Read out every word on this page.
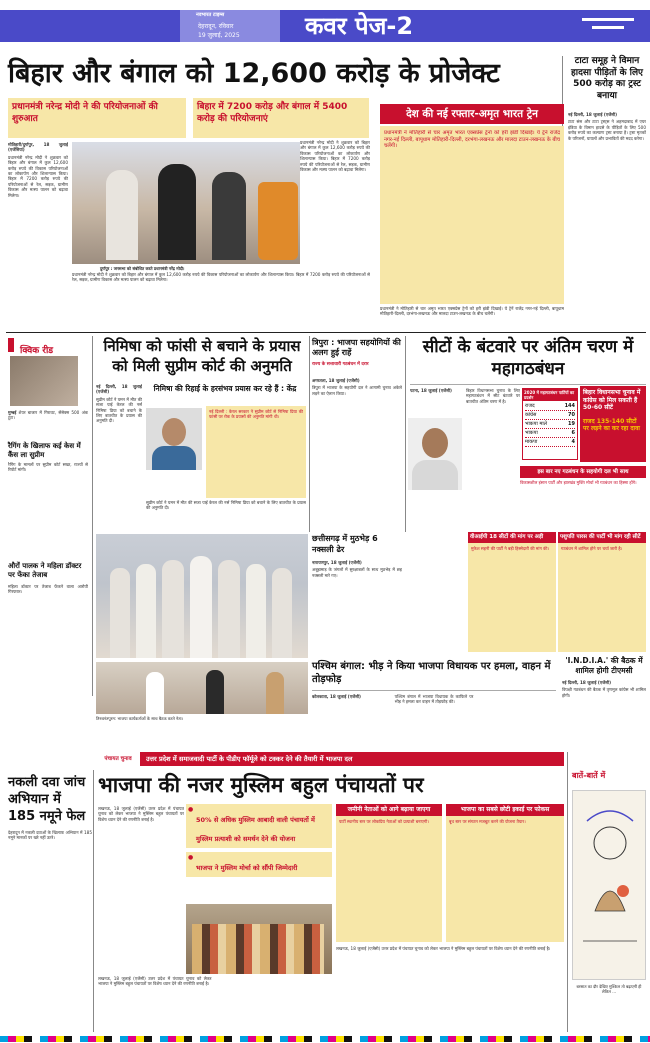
नवभारत टाइम्स
देहरादून, रविवार
19 जुलाई, 2025	कवर पेज-2
बिहार और बंगाल को 12,600 करोड़ के प्रोजेक्ट
प्रधानमंत्री नरेन्द्र मोदी ने की परियोजनाओं की शुरुआत
बिहार में 7200 करोड़ और बंगाल में 5400 करोड़ की परियोजनाएं
दुर्गापुर : जनसभा को संबोधित करते प्रधानमंत्री नरेंद्र मोदी।

मोतिहारी/दुर्गापुर, 18 जुलाई (एजेंसियां)

प्रधानमंत्री नरेन्द्र मोदी ने शुक्रवार को बिहार और बंगाल में कुल 12,600 करोड़ रुपये की विकास परियोजनाओं का लोकार्पण और शिलान्यास किया। बिहार में 7200 करोड़ रुपये की परियोजनाओं से रेल, सड़क, ग्रामीण विकास और मत्स्य पालन को बढ़ावा मिलेगा।

प्रधानमंत्री नरेन्द्र मोदी ने शुक्रवार को बिहार और बंगाल में कुल 12,600 करोड़ रुपये की विकास परियोजनाओं का लोकार्पण और शिलान्यास किया। बिहार में 7200 करोड़ रुपये की परियोजनाओं से रेल, सड़क, ग्रामीण विकास और मत्स्य पालन को बढ़ावा मिलेगा।

प्रधानमंत्री नरेन्द्र मोदी ने शुक्रवार को बिहार और बंगाल में कुल 12,600 करोड़ रुपये की विकास परियोजनाओं का लोकार्पण और शिलान्यास किया। बिहार में 7200 करोड़ रुपये की परियोजनाओं से रेल, सड़क, ग्रामीण विकास और मत्स्य पालन को बढ़ावा मिलेगा।

देश की नई रफ्तार-अमृत भारत ट्रेन
प्रधानमंत्री ने मोतिहारी से चार अमृत भारत एक्सप्रेस ट्रेनों को हरी झंडी दिखाई। ये ट्रेनें राजेंद्र नगर-नई दिल्ली, बापूधाम मोतिहारी-दिल्ली, दरभंगा-लखनऊ और मालदा टाउन-लखनऊ के बीच चलेंगी।
प्रधानमंत्री ने मोतिहारी से चार अमृत भारत एक्सप्रेस ट्रेनों को हरी झंडी दिखाई। ये ट्रेनें राजेंद्र नगर-नई दिल्ली, बापूधाम मोतिहारी-दिल्ली, दरभंगा-लखनऊ और मालदा टाउन-लखनऊ के बीच चलेंगी।
टाटा समूह ने विमान हादसा पीड़ितों के लिए 500 करोड़ का ट्रस्ट बनाया

नई दिल्ली, 18 जुलाई (एजेंसी)

टाटा संस और टाटा ट्रस्ट्स ने अहमदाबाद में एयर इंडिया के विमान हादसे के पीड़ितों के लिए 500 करोड़ रुपये का कल्याण ट्रस्ट बनाया है। ट्रस्ट मृतकों के परिजनों, घायलों और प्रभावितों की मदद करेगा।

क्विक रीड
मुम्बई शेयर बाजार में गिरावट, सेंसेक्स 500 अंक टूटा।
रैगिंग के खिलाफ कई केस में कैंस ला सुप्रीम
रैगिंग के मामलों पर सुप्रीम कोर्ट सख्त, राज्यों से रिपोर्ट मांगी।
औरों पालक ने महिला डॉक्टर पर फेंका तेजाब
महिला डॉक्टर पर तेजाब फेंकने वाला आरोपी गिरफ्तार।
निमिषा को फांसी से बचाने के प्रयास को मिली सुप्रीम कोर्ट की अनुमति

नई दिल्ली, 18 जुलाई (एजेंसी)

सुप्रीम कोर्ट ने यमन में मौत की सजा पाई केरल की नर्स निमिषा प्रिया को बचाने के लिए बातचीत के प्रयास की अनुमति दी।

निमिषा की रिहाई के हरसंभव प्रयास कर रहे हैं : केंद्र
नई दिल्ली : केरल सरकार ने सुप्रीम कोर्ट से निमिषा प्रिया की फांसी पर रोक के प्रयासों की अनुमति मांगी थी।
सुप्रीम कोर्ट ने यमन में मौत की सजा पाई केरल की नर्स निमिषा प्रिया को बचाने के लिए बातचीत के प्रयास की अनुमति दी।
त्रिपुरा : भाजपा सहयोगियों की अलग हुई राहें
राज्य के सत्ताधारी गठबंधन में दरार

अगरतला, 18 जुलाई (एजेंसी)

त्रिपुरा में भाजपा के सहयोगी दल ने आगामी चुनाव अकेले लड़ने का ऐलान किया।

सीटों के बंटवारे पर अंतिम चरण में महागठबंधन

पटना, 18 जुलाई (एजेंसी)	बिहार विधानसभा चुनाव के लिए महागठबंधन में सीट बंटवारे पर बातचीत अंतिम चरण में है।
2020 में महागठबंधन पार्टियों का प्रदर्शन
राजद	144
कांग्रेस	70
भाकपा माले	19
भाकपा	6
माकपा	4
बिहार विधानसभा चुनाव में कांग्रेस को मिल सकती हैं 50-60 सीटें
राजद 135-140 सीटों पर लड़ने का कर रहा दावा
इस बार नए गठबंधन के सहयोगी दल भी साथ
विकासशील इंसान पार्टी और झारखंड मुक्ति मोर्चा भी गठबंधन का हिस्सा होंगे।
वीआईपी 18 सीटों की मांग पर अड़ी
मुकेश सहनी की पार्टी ने बड़ी हिस्सेदारी की मांग की।
पशुपति पारस की पार्टी भी मांग रही सीटें
गठबंधन में शामिल होने पर चर्चा जारी है।
छत्तीसगढ़ में मुठभेड़ 6 नक्सली ढेर

नारायणपुर, 18 जुलाई (एजेंसी)

अबूझमाड़ के जंगलों में सुरक्षाबलों के साथ मुठभेड़ में छह नक्सली मारे गए।

पश्चिम बंगाल: भीड़ ने किया भाजपा विधायक पर हमला, वाहन में तोड़फोड़

कोलकाता, 18 जुलाई (एजेंसी)	पश्चिम बंगाल में भाजपा विधायक के काफिले पर भीड़ ने हमला कर वाहन में तोड़फोड़ की।

'I.N.D.I.A.' की बैठक में शामिल होगी टीएमसी

नई दिल्ली, 18 जुलाई (एजेंसी)

विपक्षी गठबंधन की बैठक में तृणमूल कांग्रेस भी शामिल होगी।

तिरुवनंतपुरम: भाजपा कार्यकर्ताओं के साथ बैठक करते नेता।
पंचायत चुनाव	उत्तर प्रदेश में समाजवादी पार्टी के पीडीए फॉर्मूले को टक्कर देने की तैयारी में भाजपा दल
नकली दवा जांच अभियान में 185 नमूने फेल
देहरादून में नकली दवाओं के खिलाफ अभियान में 185 नमूने मानकों पर खरे नहीं उतरे।
भाजपा की नजर मुस्लिम बहुल पंचायतों पर
●
50% से अधिक मुस्लिम आबादी वाली पंचायतों में मुस्लिम प्रत्याशी को समर्थन देने की योजना
●
भाजपा ने मुस्लिम मोर्चा को सौंपी जिम्मेदारी
लखनऊ, 18 जुलाई (एजेंसी) उत्तर प्रदेश में पंचायत चुनाव को लेकर भाजपा ने मुस्लिम बहुल पंचायतों पर विशेष ध्यान देने की रणनीति बनाई है।
जमीनी नेताओं को आगे बढ़ाया जाएगा
पार्टी स्थानीय स्तर पर लोकप्रिय नेताओं को प्रत्याशी बनाएगी।
भाजपा का सबसे छोटी इकाई पर फोकस
बूथ स्तर पर संगठन मजबूत करने की योजना तैयार।
लखनऊ, 18 जुलाई (एजेंसी) उत्तर प्रदेश में पंचायत चुनाव को लेकर भाजपा ने मुस्लिम बहुल पंचायतों पर विशेष ध्यान देने की रणनीति बनाई है।
लखनऊ, 18 जुलाई (एजेंसी) उत्तर प्रदेश में पंचायत चुनाव को लेकर भाजपा ने मुस्लिम बहुल पंचायतों पर विशेष ध्यान देने की रणनीति बनाई है।
बातें-बातें में
बरसात का दौर देखिए मुश्किल तो बढ़ाएगी ही लेकिन ...
